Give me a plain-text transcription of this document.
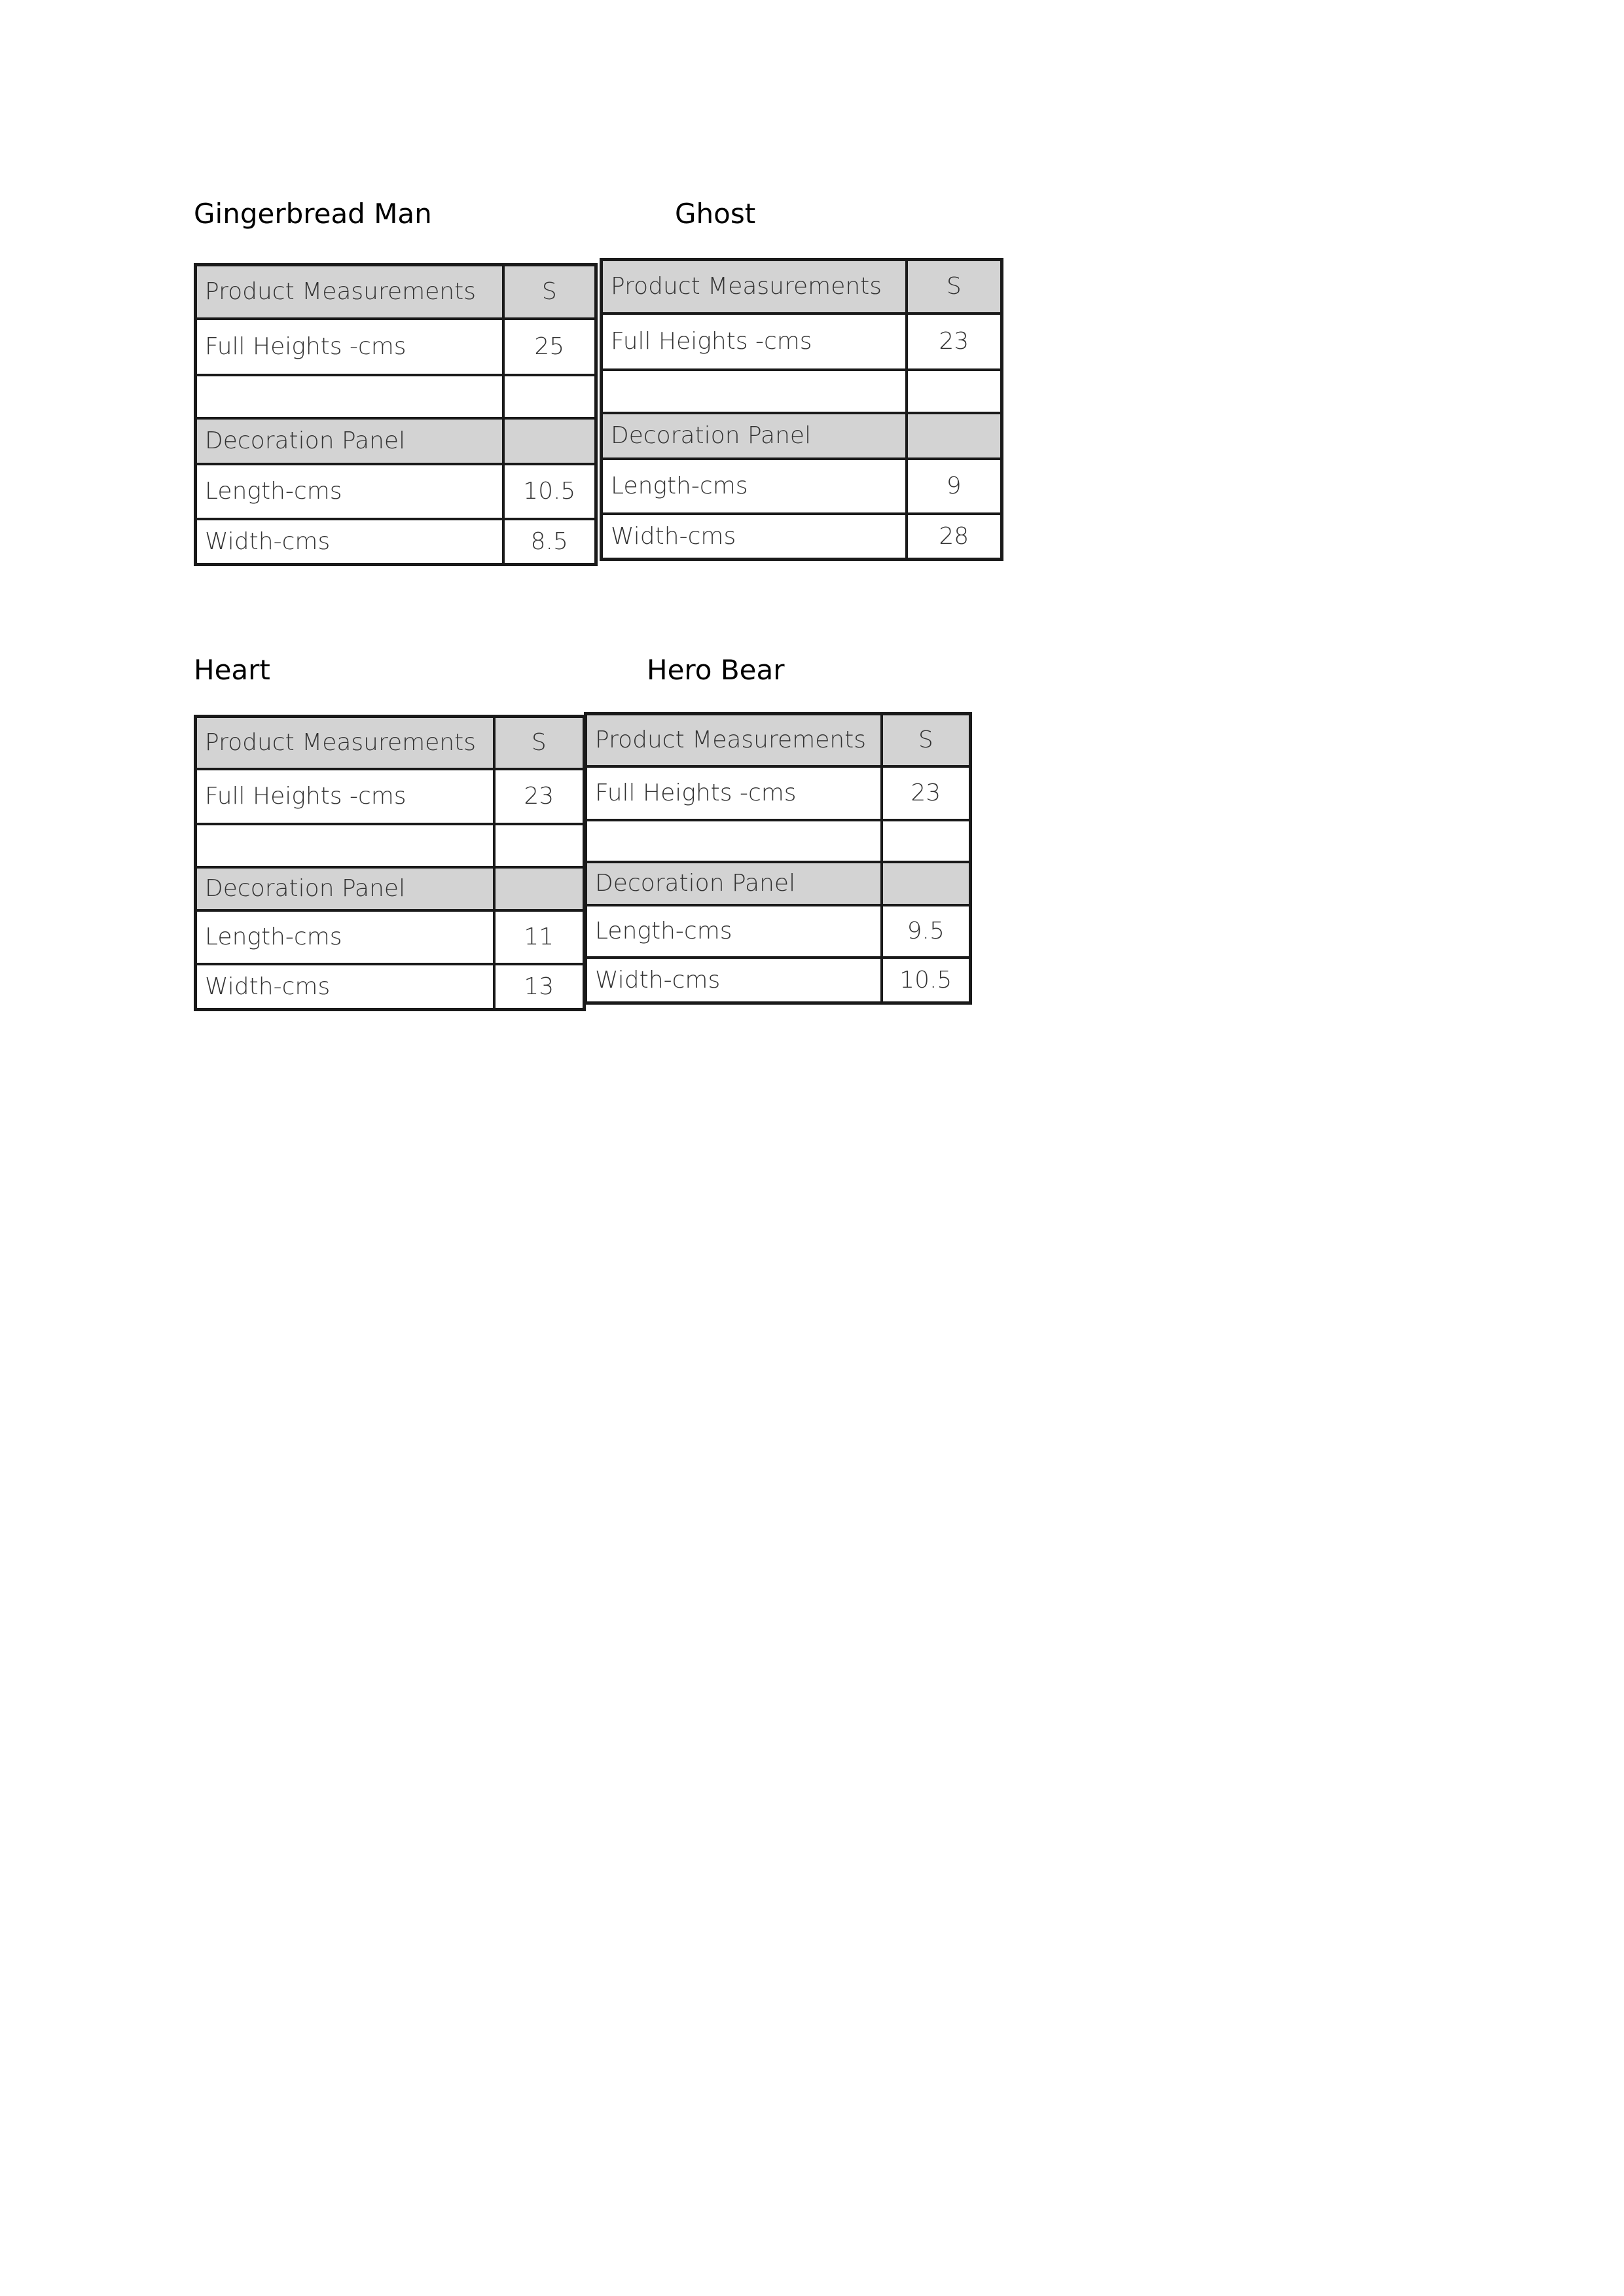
Gingerbread Man
Product Measurements	S
Full Heights -cms	25

Decoration Panel	
Length-cms	10.5
Width-cms	8.5
Ghost
Product Measurements	S
Full Heights -cms	23

Decoration Panel	
Length-cms	9
Width-cms	28
Heart
Product Measurements	S
Full Heights -cms	23

Decoration Panel	
Length-cms	11
Width-cms	13
Hero Bear
Product Measurements	S
Full Heights -cms	23

Decoration Panel	
Length-cms	9.5
Width-cms	10.5
